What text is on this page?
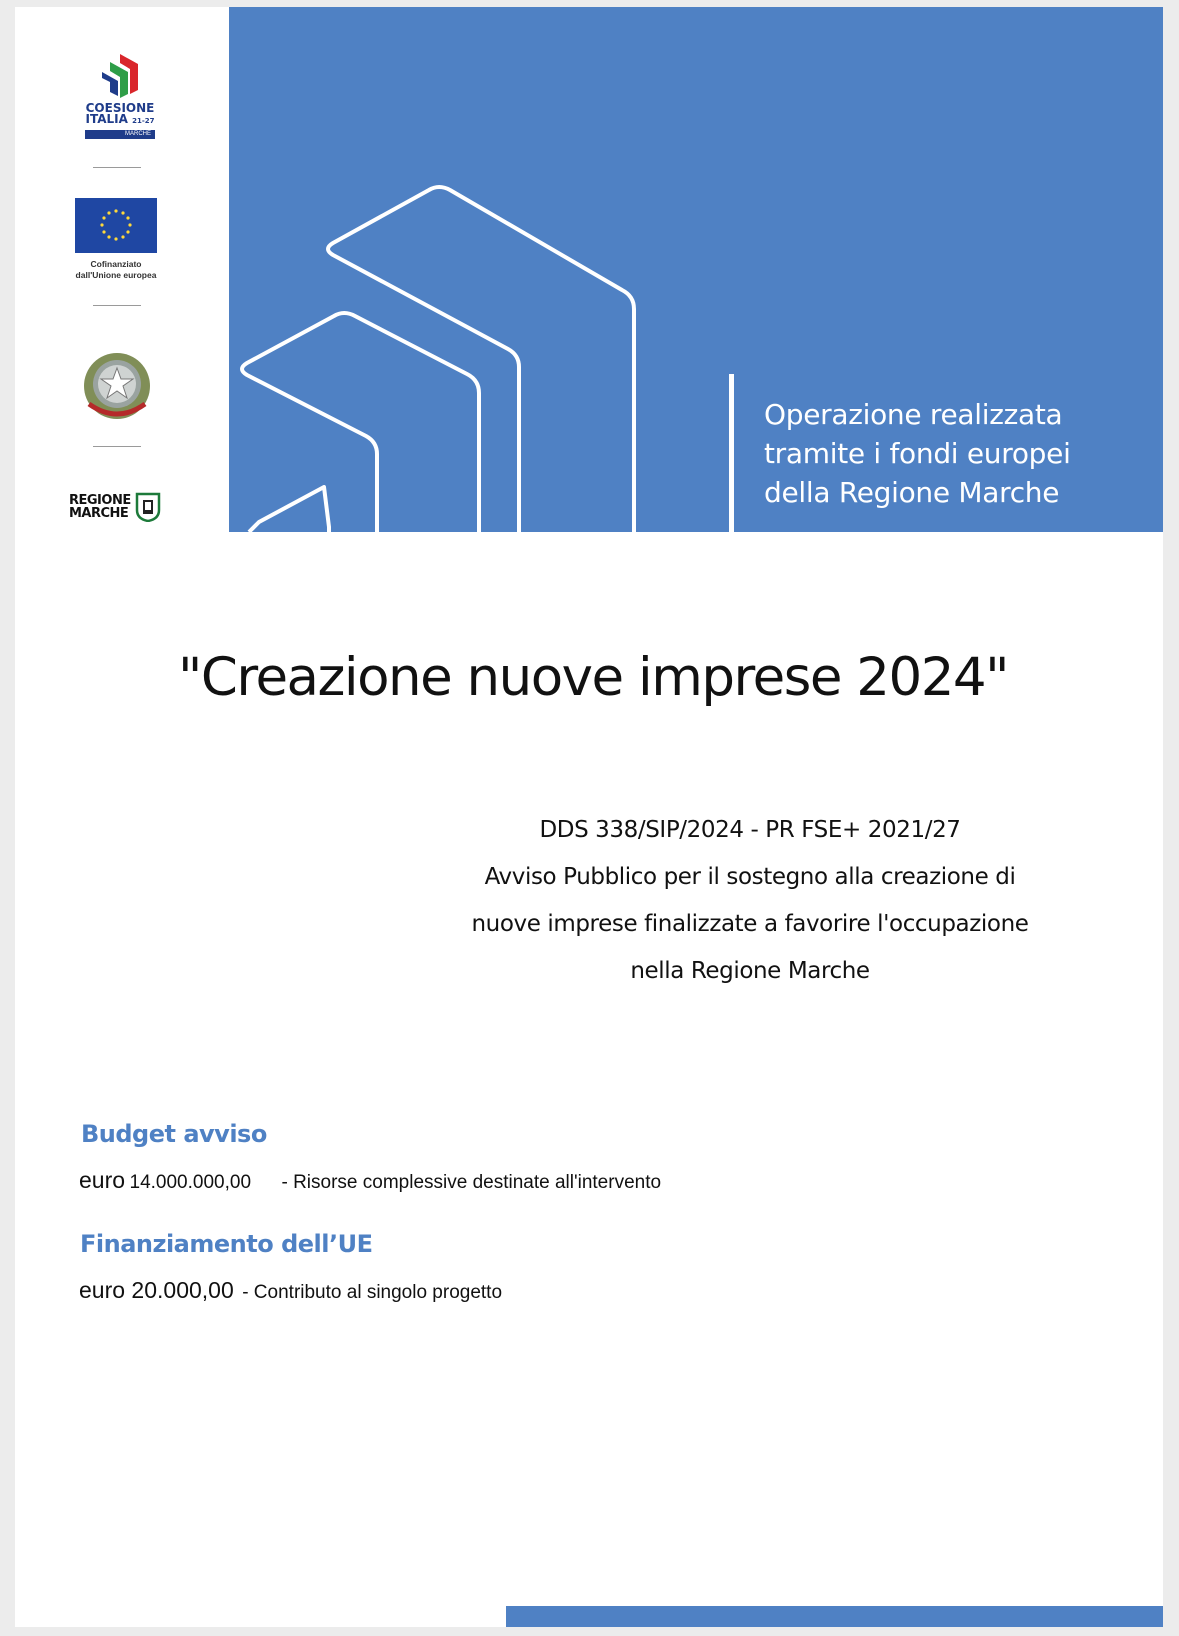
COESIONE
ITALIA 21-27
MARCHE
Cofinanziato
dall'Unione europea
REGIONE
MARCHE
Operazione realizzata
tramite i fondi europei
della Regione Marche
"Creazione nuove imprese 2024"
DDS 338/SIP/2024 - PR FSE+ 2021/27
Avviso Pubblico per il sostegno alla creazione di
nuove imprese finalizzate a favorire l'occupazione
nella Regione Marche
Budget avviso
euro 14.000.000,00 - Risorse complessive destinate all'intervento
Finanziamento dell’UE
euro 20.000,00 - Contributo al singolo progetto
